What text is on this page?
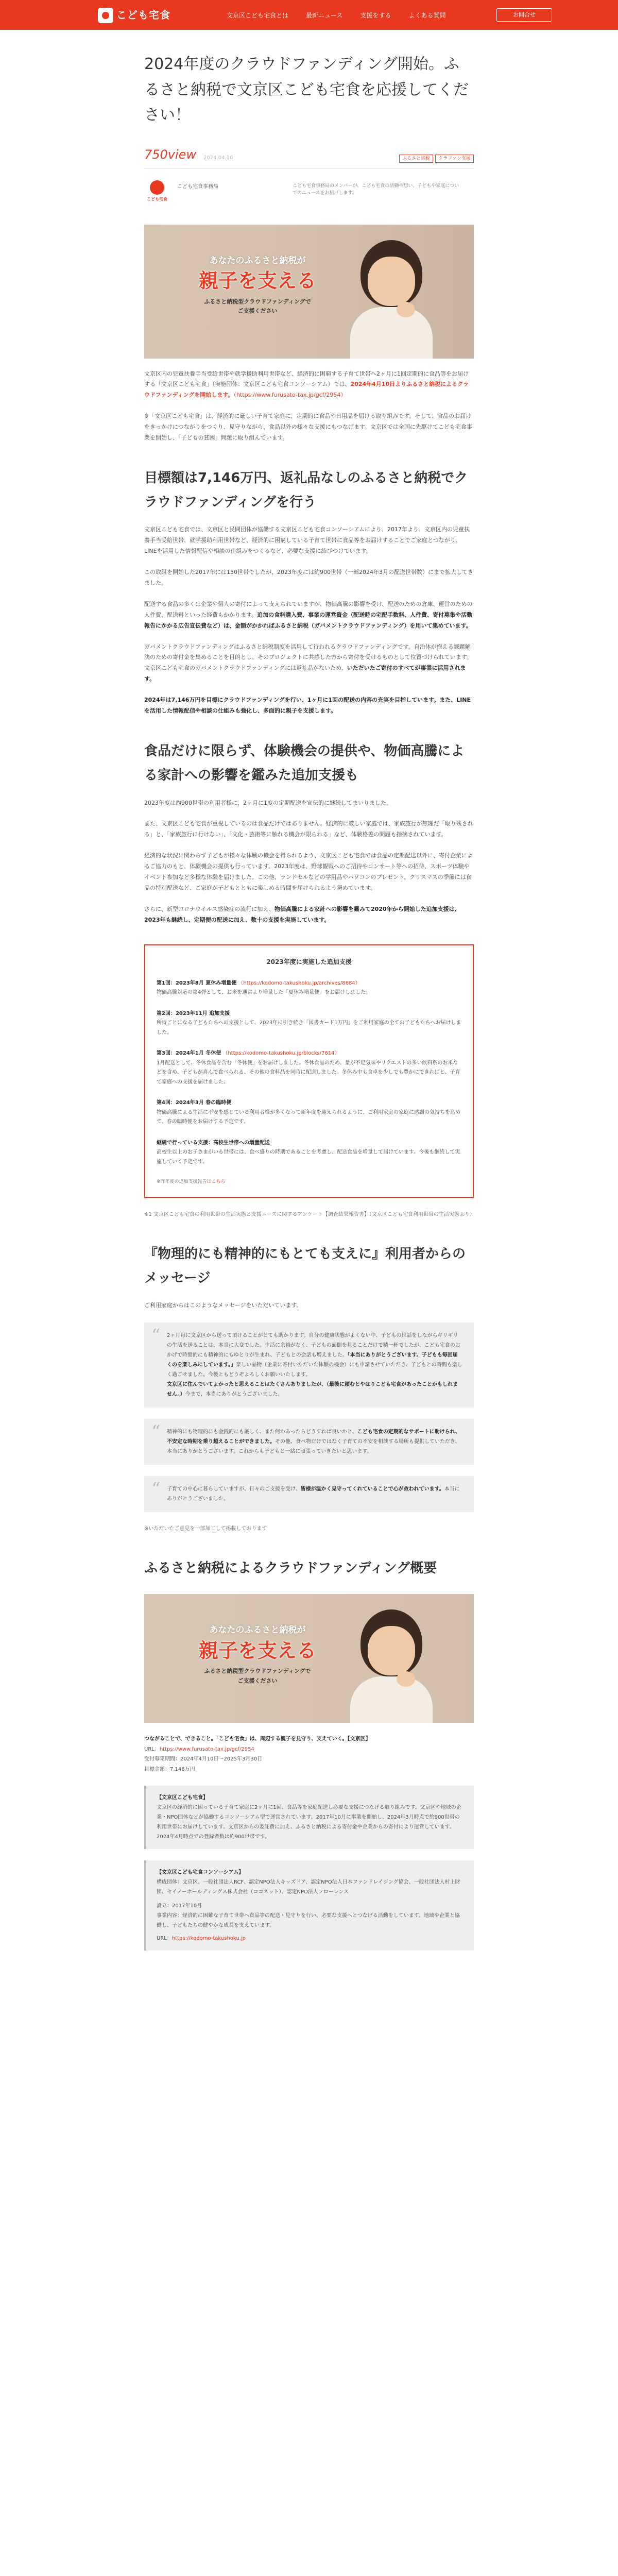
こども宅食	文京区こども宅食とは	最新ニュース	支援をする	よくある質問	お問合せ
2024年度のクラウドファンディング開始。ふるさと納税で文京区こども宅食を応援してください！
750view 2024.04.10	ふるさと納税	クラファン支援
こども宅食
こども宅食事務局	こども宅食事務局のメンバーが、こども宅食の活動や想い、子どもや家庭についてのニュースをお届けします。
あなたのふるさと納税が
親子を支える
ふるさと納税型クラウドファンディングで
ご支援ください

文京区内の児童扶養手当受給世帯や就学援助利用世帯など、経済的に困窮する子育て世帯へ2ヶ月に1回定期的に食品等をお届けする「文京区こども宅食」（実施団体：文京区こども宅食コンソーシアム）では、2024年4月10日よりふるさと納税によるクラウドファンディングを開始します。（https://www.furusato-tax.jp/gcf/2954）

※「文京区こども宅食」は、経済的に厳しい子育て家庭に、定期的に食品や日用品を届ける取り組みです。そして、食品のお届けをきっかけにつながりをつくり、見守りながら、食品以外の様々な支援にもつなげます。文京区では全国に先駆けてこども宅食事業を開始し、「子どもの貧困」問題に取り組んでいます。

目標額は7,146万円、返礼品なしのふるさと納税でクラウドファンディングを行う

文京区こども宅食では、文京区と民間団体が協働する文京区こども宅食コンソーシアムにより、2017年より、文京区内の児童扶養手当受給世帯、就学援助利用世帯など、経済的に困窮している子育て世帯に食品等をお届けすることでご家庭とつながり、LINEを活用した情報配信や相談の仕組みをつくるなど、必要な支援に結びつけています。

この取組を開始した2017年には150世帯でしたが、2023年度には約900世帯（一部2024年3月の配送世帯数）にまで拡大してきました。

配送する食品の多くは企業や個人の寄付によって支えられていますが、物価高騰の影響を受け、配送のための倉庫、運営のための人件費、配送料といった経費もかかります。追加の食料購入費、事業の運営資金（配送時の宅配手数料、人件費、寄付募集や活動報告にかかる広告宣伝費など）は、金額がかかればふるさと納税（ガバメントクラウドファンディング）を用いて集めています。

ガバメントクラウドファンディングはふるさと納税制度を活用して行われるクラウドファンディングです。自治体が抱える課題解決のための寄付金を集めることを目的とし、そのプロジェクトに共感した方から寄付を受けるものとして位置づけられています。文京区こども宅食のガバメントクラウドファンディングには返礼品がないため、いただいたご寄付のすべてが事業に活用されます。

2024年は7,146万円を目標にクラウドファンディングを行い、1ヶ月に1回の配送の内容の充実を目指しています。また、LINEを活用した情報配信や相談の仕組みも強化し、多面的に親子を支援します。

食品だけに限らず、体験機会の提供や、物価高騰による家計への影響を鑑みた追加支援も

2023年度は約900世帯の利用者様に、2ヶ月に1度の定期配送を宣伝的に継続してまいりました。

また、文京区こども宅食が重視しているのは食品だけではありません。経済的に厳しい家庭では、家族旅行が無理だ「取り残される」と、「家族旅行に行けない」、「文化・芸術等に触れる機会が限られる」など、体験格差の問題も指摘されています。

経済的な状況に関わらず子どもが様々な体験の機会を得られるよう、文京区こども宅食では食品の定期配送以外に、寄付企業によるご協力のもと、体験機会の提供も行っています。2023年度は、野球観戦へのご招待やコンサート等への招待、スポーツ体験やイベント参加など多様な体験を届けました。この他、ランドセルなどの学用品やパソコンのプレゼント、クリスマスの季節には食品の特別配送など、ご家庭が子どもとともに楽しめる時間を届けられるよう努めています。

さらに、新型コロナウイルス感染症の流行に加え、物価高騰による家計への影響を鑑みて2020年から開始した追加支援は、2023年も継続し、定期便の配送に加え、数十の支援を実施しています。

2023年度に実施した追加支援
第1回：2023年8月 夏休み増量便 （https://kodomo-takushoku.jp/archives/8684）
物価高騰対応の第4弾として、お米を通常より増量した「夏休み増量便」をお届けしました。
第2回：2023年11月 追加支援
所得ごとになる子どもたちへの支援として、2023年に引き続き「図書カード1万円」をご利用家庭の全ての子どもたちへお届けしました。
第3回：2024年1月 冬休便 （https://kodomo-takushoku.jp/blocks/7614）
1月配送として、冬休食品を含む「冬休便」をお届けしました。冬休食品のため、量が不足気味やリクエストの多い飲料系のお米などを含め、子どもが喜んで食べられる、その他の食料品を同時に配送しました。冬休み中も食卓を少しでも豊かにできればと、子育て家庭への支援を届けました。
第4回：2024年3月 春の臨時便
物価高騰による生活に不安を感じている利用者様が多くなって新年度を迎えられるように、ご利用家庭の家庭に感謝の気持ちを込めて、春の臨時便をお届けする予定です。
継続で行っている支援：高校生世帯への増量配送
高校生以上のお子さまがいる世帯には、食べ盛りの時期であることを考慮し、配送食品を増量して届けています。今後も継続して実施していく予定です。
※昨年度の追加支援報告はこちら

※1 文京区こども宅食の利用世帯の生活実態と支援ニーズに関するアンケート【調査結果報告書】（文京区こども宅食利用世帯の生活実態より）

『物理的にも精神的にもとても支えに』利用者からのメッセージ

ご利用家庭からはこのようなメッセージをいただいています。

“ 2ヶ月毎に文京区から送って頂けることがとても助かります。自分の健康状態がよくない中、子どもの世話をしながらギリギリの生活を送ることは、本当に大変でした。生活に余裕がなく、子どもの面倒を見ることだけで精一杯でしたが、こども宅食のおかげで時間的にも精神的にもゆとりが生まれ、子どもとの会話も増えました。「本当にありがとうございます。子どもも毎回届くのを楽しみにしています。」楽しい品物（企業に寄付いただいた体験の機会）にも申請させていただき、子どもとの時間も楽しく過ごせました。今後ともどうぞよろしくお願いいたします。
文京区に住んでいてよかったと思えることはたくさんありましたが、（最後に頼むとやはりこども宅食があったことかもしれません。）今まで、本当にありがとうございました。
“ 精神的にも物理的にも金銭的にも厳しく、また何かあったらどうすれば良いかと、こども宅食の定期的なサポートに助けられ、不安定な時期を乗り越えることができました。その他、食べ物だけではなく子育ての不安を相談する場所も提供していただき、本当にありがとうございます。これからも子どもと一緒に頑張っていきたいと思います。
“ 子育ての中心に暮らしていますが、日々のご支援を受け、皆様が温かく見守ってくれていることで心が救われています。本当にありがとうございました。

※いただいたご意見を一部加工して掲載しております

ふるさと納税によるクラウドファンディング概要
あなたのふるさと納税が
親子を支える
ふるさと納税型クラウドファンディングで
ご支援ください
つながることで、できること。「こども宅食」は、周辺する親子を見守り、支えていく。【文京区】
URL：https://www.furusato-tax.jp/gcf/2954
受付募集期間：2024年4月10日〜2025年3月30日
目標金額：7,146万円
【文京区こども宅食】
文京区の経済的に困っている子育て家庭に2ヶ月に1回、食品等を家庭配送し必要な支援につなげる取り組みです。文京区や地域の企業・NPO団体などが協働するコンソーシアム型で運営されています。2017年10月に事業を開始し、2024年3月時点で約900世帯の利用世帯にお届けしています。文京区からの委託費に加え、ふるさと納税による寄付金や企業からの寄付により運営しています。2024年4月時点での登録者数は約900世帯です。
【文京区こども宅食コンソーシアム】
構成団体：文京区、一般社団法人RCF、認定NPO法人キッズドア、認定NPO法人日本ファンドレイジング協会、一般社団法人村上財団、セイノーホールディングス株式会社（ココネット）、認定NPO法人フローレンス
設立：2017年10月
事業内容：経済的に困難な子育て世帯へ食品等の配送・見守りを行い、必要な支援へとつなげる活動をしています。地域や企業と協働し、子どもたちの健やかな成長を支えています。
URL：https://kodomo-takushoku.jp
